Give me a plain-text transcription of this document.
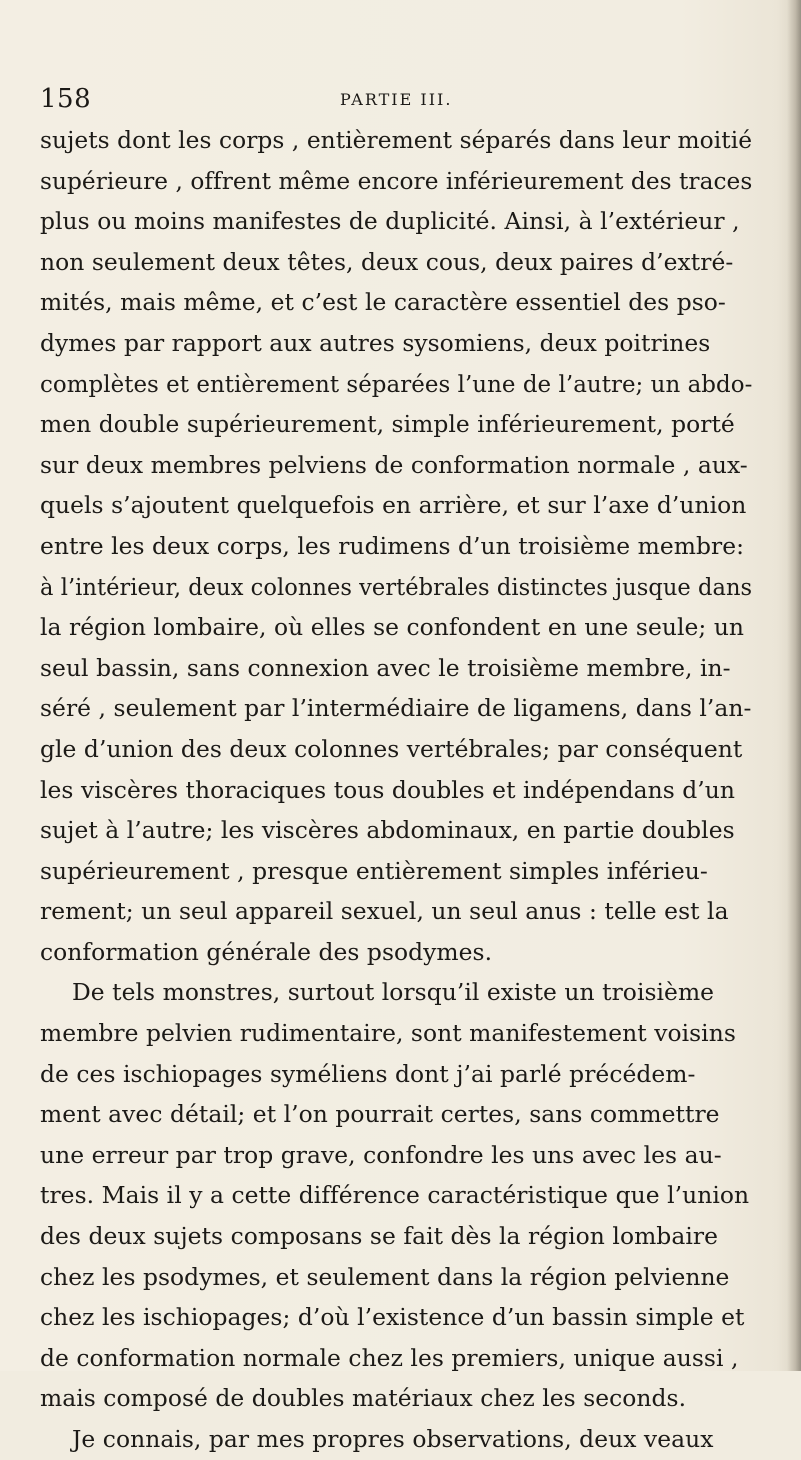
158	PARTIE III.
sujets dont les corps , entièrement séparés dans leur moitié
supérieure , offrent même encore inférieurement des traces
plus ou moins manifestes de duplicité. Ainsi, à l’extérieur ,
non seulement deux têtes, deux cous, deux paires d’extré-
mités, mais même, et c’est le caractère essentiel des pso-
dymes par rapport aux autres sysomiens, deux poitrines
complètes et entièrement séparées l’une de l’autre; un abdo-
men double supérieurement, simple inférieurement, porté
sur deux membres pelviens de conformation normale , aux-
quels s’ajoutent quelquefois en arrière, et sur l’axe d’union
entre les deux corps, les rudimens d’un troisième membre:
à l’intérieur, deux colonnes vertébrales distinctes jusque dans
la région lombaire, où elles se confondent en une seule; un
seul bassin, sans connexion avec le troisième membre, in-
séré , seulement par l’intermédiaire de ligamens, dans l’an-
gle d’union des deux colonnes vertébrales; par conséquent
les viscères thoraciques tous doubles et indépendans d’un
sujet à l’autre; les viscères abdominaux, en partie doubles
supérieurement , presque entièrement simples inférieu-
rement; un seul appareil sexuel, un seul anus : telle est la
conformation générale des psodymes.
De tels monstres, surtout lorsqu’il existe un troisième
membre pelvien rudimentaire, sont manifestement voisins
de ces ischiopages syméliens dont j’ai parlé précédem-
ment avec détail; et l’on pourrait certes, sans commettre
une erreur par trop grave, confondre les uns avec les au-
tres. Mais il y a cette différence caractéristique que l’union
des deux sujets composans se fait dès la région lombaire
chez les psodymes, et seulement dans la région pelvienne
chez les ischiopages; d’où l’existence d’un bassin simple et
de conformation normale chez les premiers, unique aussi ,
mais composé de doubles matériaux chez les seconds.
Je connais, par mes propres observations, deux veaux
